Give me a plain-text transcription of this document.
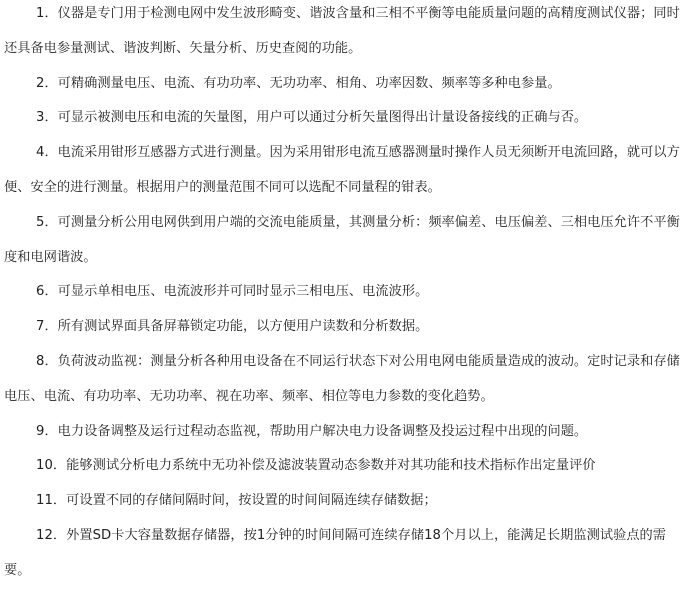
1．仪器是专门用于检测电网中发生波形畸变、谐波含量和三相不平衡等电能质量问题的高精度测试仪器；同时还具备电参量测试、谐波判断、矢量分析、历史查阅的功能。

2．可精确测量电压、电流、有功功率、无功功率、相角、功率因数、频率等多种电参量。

3．可显示被测电压和电流的矢量图，用户可以通过分析矢量图得出计量设备接线的正确与否。

4．电流采用钳形互感器方式进行测量。因为采用钳形电流互感器测量时操作人员无须断开电流回路，就可以方便、安全的进行测量。根据用户的测量范围不同可以选配不同量程的钳表。

5．可测量分析公用电网供到用户端的交流电能质量，其测量分析：频率偏差、电压偏差、三相电压允许不平衡度和电网谐波。

6．可显示单相电压、电流波形并可同时显示三相电压、电流波形。

7．所有测试界面具备屏幕锁定功能，以方便用户读数和分析数据。

8．负荷波动监视：测量分析各种用电设备在不同运行状态下对公用电网电能质量造成的波动。定时记录和存储电压、电流、有功功率、无功功率、视在功率、频率、相位等电力参数的变化趋势。

9．电力设备调整及运行过程动态监视，帮助用户解决电力设备调整及投运过程中出现的问题。

10．能够测试分析电力系统中无功补偿及滤波装置动态参数并对其功能和技术指标作出定量评价

11．可设置不同的存储间隔时间，按设置的时间间隔连续存储数据；

12．外置SD卡大容量数据存储器，按1分钟的时间间隔可连续存储18个月以上，能满足长期监测试验点的需要。
